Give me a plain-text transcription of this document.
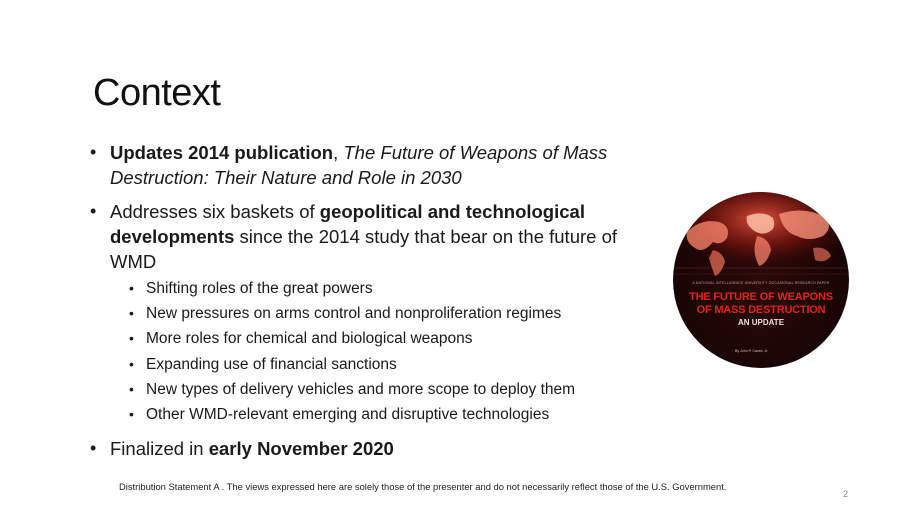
Context
• Updates 2014 publication, The Future of Weapons of Mass Destruction: Their Nature and Role in 2030
• Addresses six baskets of geopolitical and technological developments since the 2014 study that bear on the future of WMD
• Shifting roles of the great powers
• New pressures on arms control and nonproliferation regimes
• More roles for chemical and biological weapons
• Expanding use of financial sanctions
• New types of delivery vehicles and more scope to deploy them
• Other WMD-relevant emerging and disruptive technologies
• Finalized in early November 2020
A NATIONAL INTELLIGENCE UNIVERSITY OCCASIONAL RESEARCH PAPER
THE FUTURE OF WEAPONS
OF MASS DESTRUCTION
AN UPDATE
By John P. Caves, Jr.
Distribution Statement A . The views expressed here are solely those of the presenter and do not necessarily reflect those of the U.S. Government.
2
